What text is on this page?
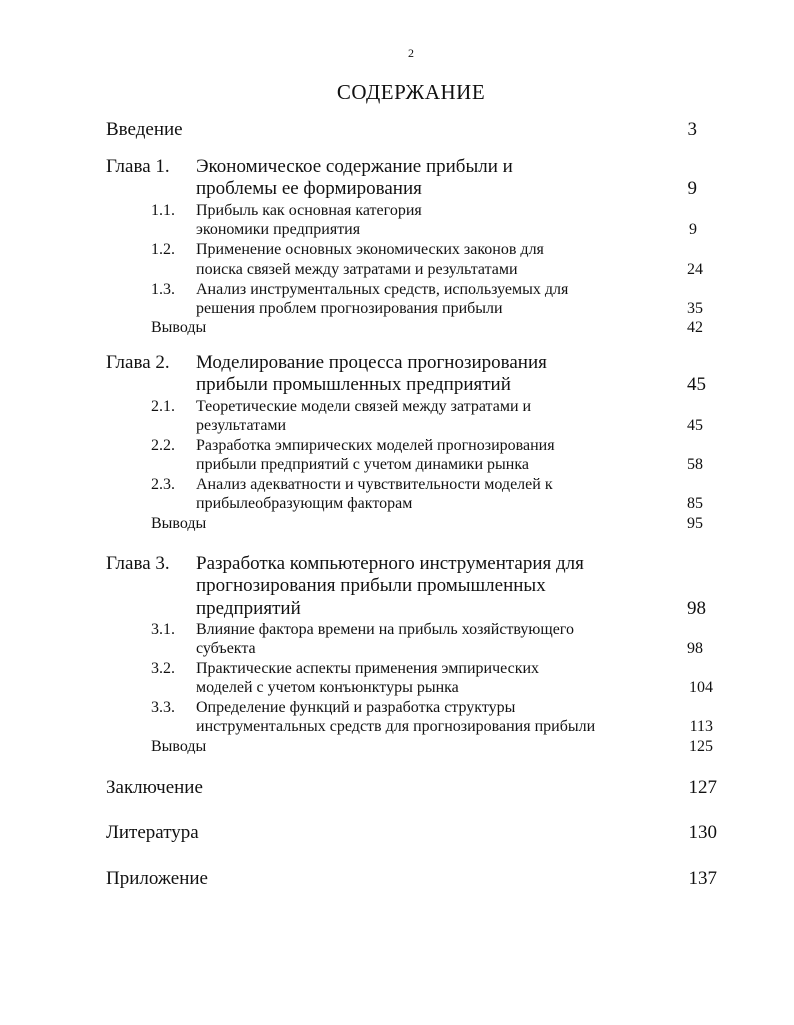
2
СОДЕРЖАНИЕ
Введение	3
Глава 1. Экономическое содержание прибыли и
проблемы ее формирования	9
1.1. Прибыль как основная категория
экономики предприятия	9
1.2. Применение основных экономических законов для
поиска связей между затратами и результатами	24
1.3. Анализ инструментальных средств, используемых для
решения проблем прогнозирования прибыли	35
Выводы	42
Глава 2. Моделирование процесса прогнозирования
прибыли промышленных предприятий	45
2.1. Теоретические модели связей между затратами и
результатами	45
2.2. Разработка эмпирических моделей прогнозирования
прибыли предприятий с учетом динамики рынка	58
2.3. Анализ адекватности и чувствительности моделей к
прибылеобразующим факторам	85
Выводы	95
Глава 3. Разработка компьютерного инструментария для
прогнозирования прибыли промышленных
предприятий	98
3.1. Влияние фактора времени на прибыль хозяйствующего
субъекта	98
3.2. Практические аспекты применения эмпирических
моделей с учетом конъюнктуры рынка	104
3.3. Определение функций и разработка структуры
инструментальных средств для прогнозирования прибыли	113
Выводы	125
Заключение	127
Литература	130
Приложение	137
